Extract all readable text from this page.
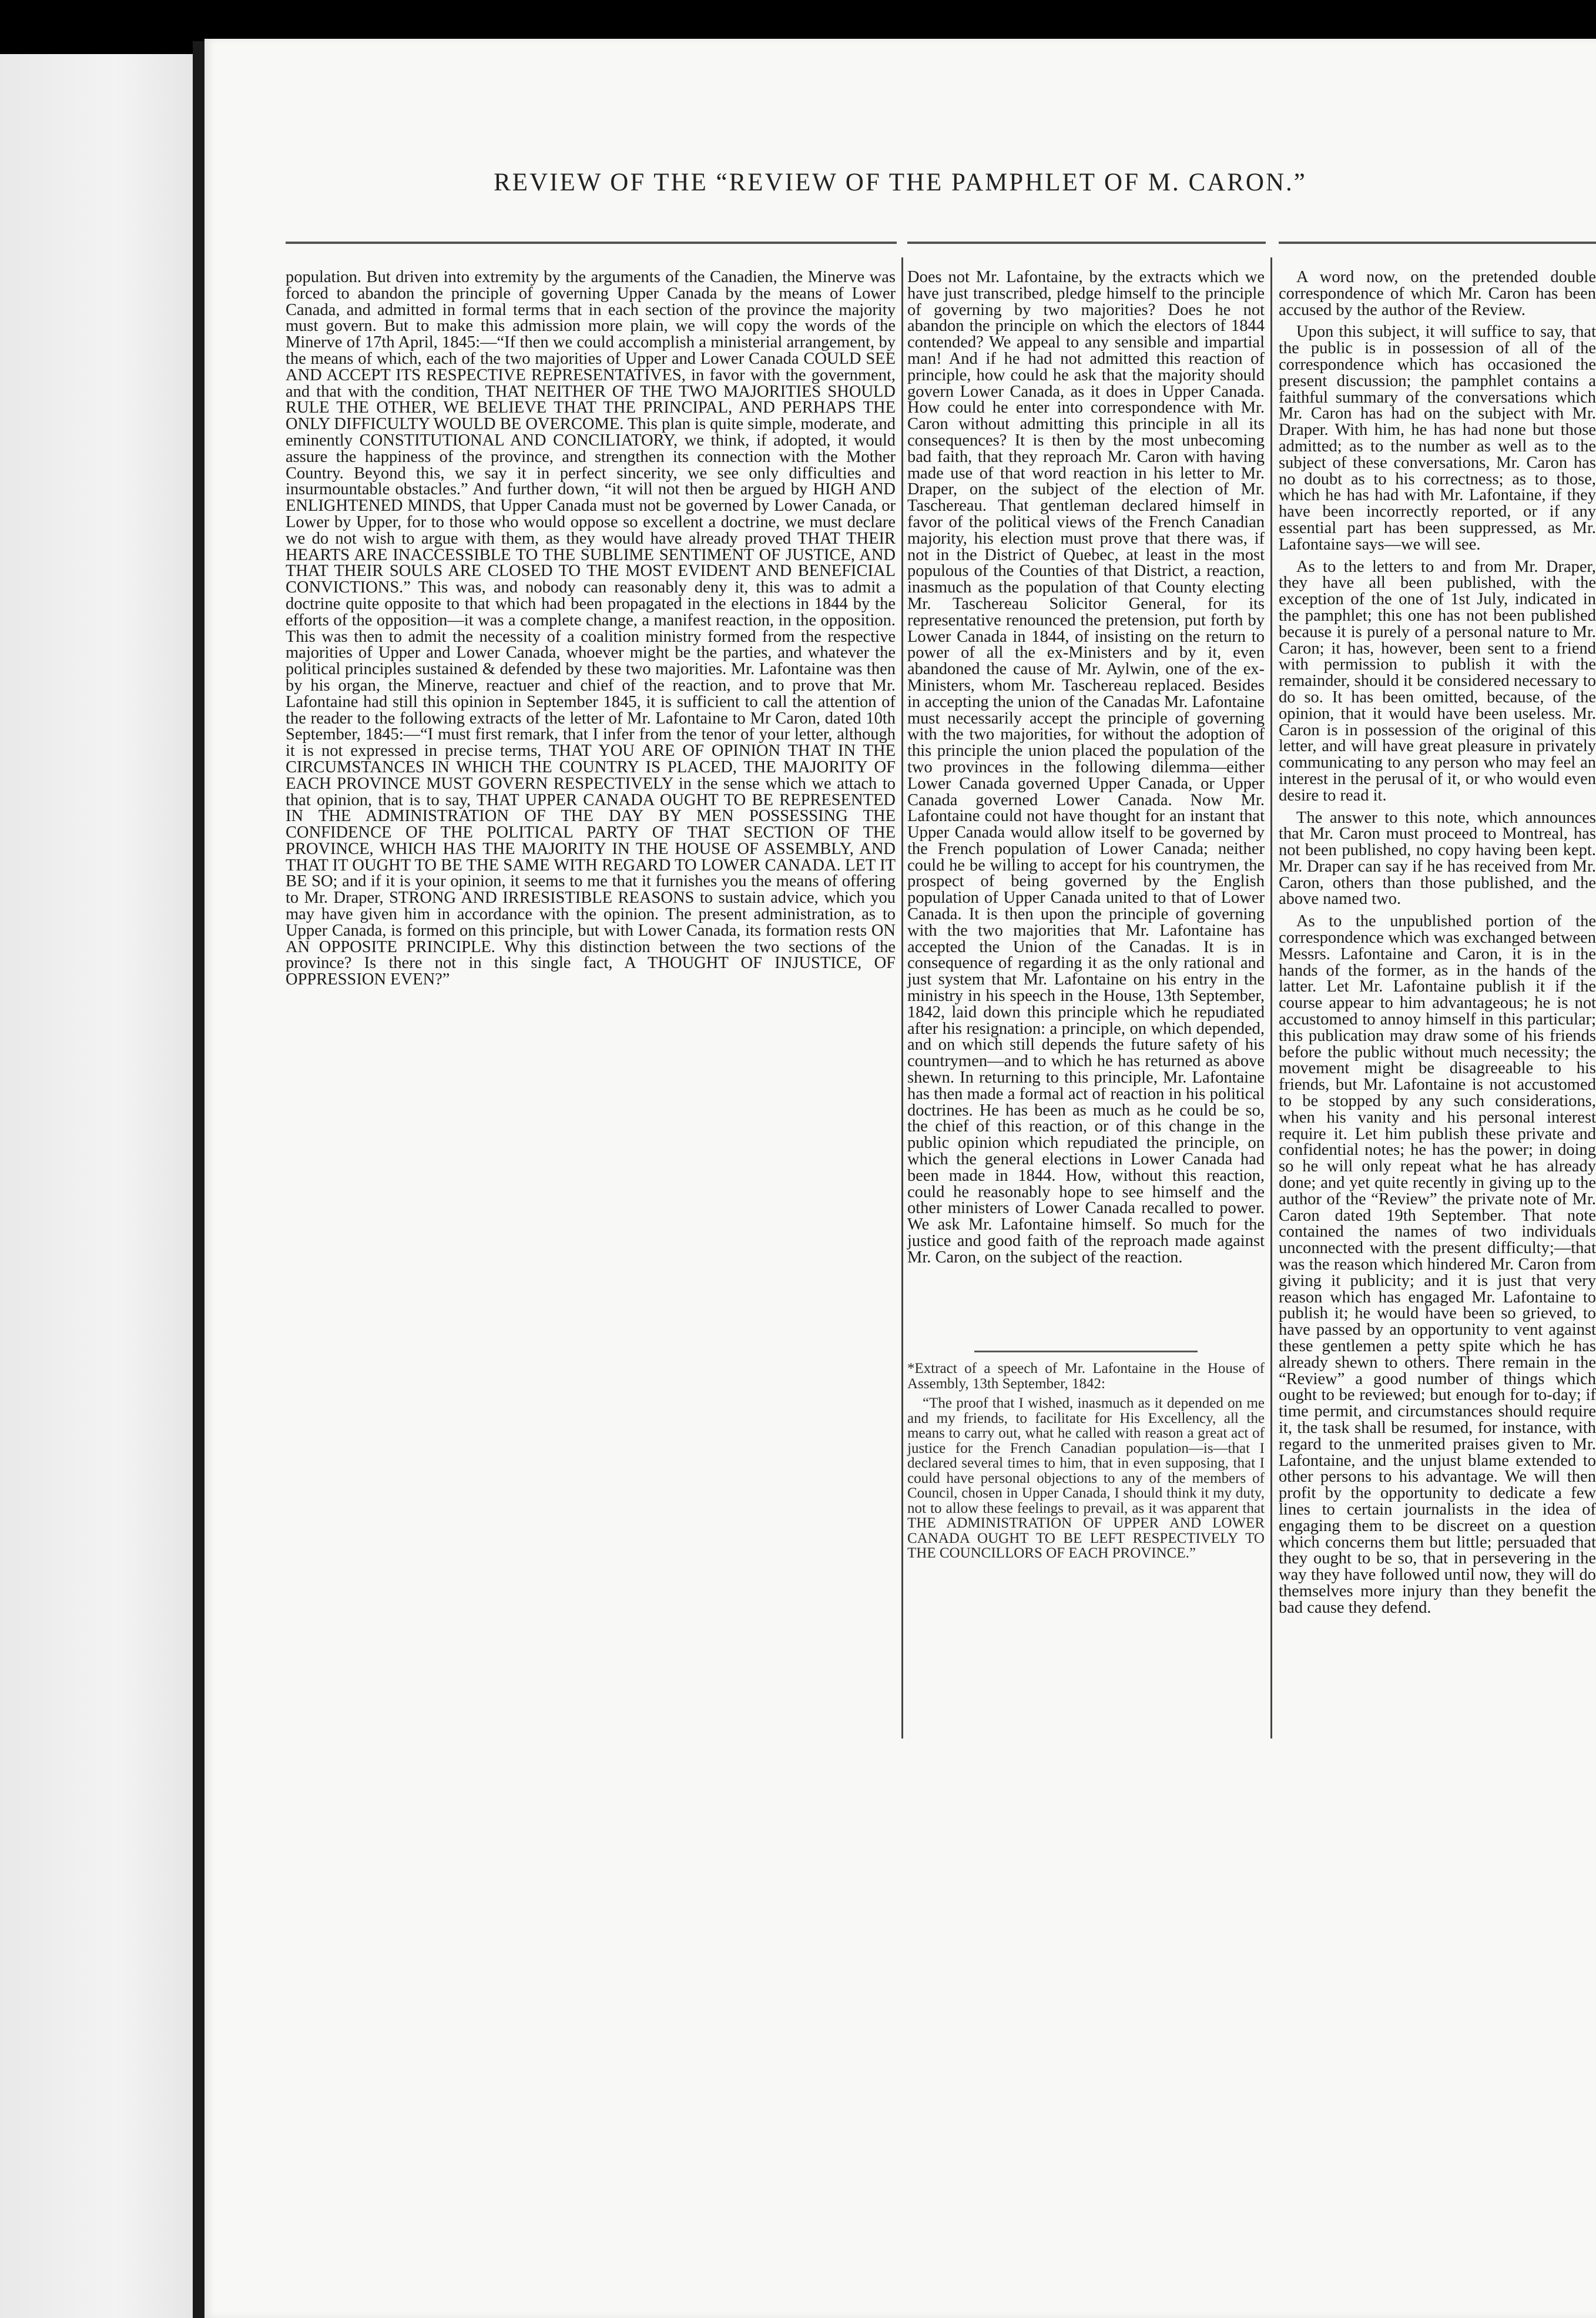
REVIEW OF THE “REVIEW OF THE PAMPHLET OF M. CARON.”

population. But driven into extremity by the arguments of the Canadien, the Minerve was forced to abandon the principle of governing Upper Canada by the means of Lower Canada, and admitted in formal terms that in each section of the province the majority must govern. But to make this admission more plain, we will copy the words of the Minerve of 17th April, 1845:—“If then we could accomplish a ministerial arrangement, by the means of which, each of the two majorities of Upper and Lower Canada COULD SEE AND ACCEPT ITS RESPECTIVE REPRESENTATIVES, in favor with the government, and that with the condition, THAT NEITHER OF THE TWO MAJORITIES SHOULD RULE THE OTHER, WE BELIEVE THAT THE PRINCIPAL, AND PERHAPS THE ONLY DIFFICULTY WOULD BE OVERCOME. This plan is quite simple, moderate, and eminently CONSTITUTIONAL AND CONCILIATORY, we think, if adopted, it would assure the happiness of the province, and strengthen its connection with the Mother Country. Beyond this, we say it in perfect sincerity, we see only difficulties and insurmountable obstacles.” And further down, “it will not then be argued by HIGH AND ENLIGHTENED MINDS, that Upper Canada must not be governed by Lower Canada, or Lower by Upper, for to those who would oppose so excellent a doctrine, we must declare we do not wish to argue with them, as they would have already proved THAT THEIR HEARTS ARE INACCESSIBLE TO THE SUBLIME SENTIMENT OF JUSTICE, AND THAT THEIR SOULS ARE CLOSED TO THE MOST EVIDENT AND BENEFICIAL CONVICTIONS.” This was, and nobody can reasonably deny it, this was to admit a doctrine quite opposite to that which had been propagated in the elections in 1844 by the efforts of the opposition—it was a complete change, a manifest reaction, in the opposition. This was then to admit the necessity of a coalition ministry formed from the respective majorities of Upper and Lower Canada, whoever might be the parties, and whatever the political principles sustained & defended by these two majorities. Mr. Lafontaine was then by his organ, the Minerve, reactuer and chief of the reaction, and to prove that Mr. Lafontaine had still this opinion in September 1845, it is sufficient to call the attention of the reader to the following extracts of the letter of Mr. Lafontaine to Mr Caron, dated 10th September, 1845:—“I must first remark, that I infer from the tenor of your letter, although it is not expressed in precise terms, THAT YOU ARE OF OPINION THAT IN THE CIRCUMSTANCES IN WHICH THE COUNTRY IS PLACED, THE MAJORITY OF EACH PROVINCE MUST GOVERN RESPECTIVELY in the sense which we attach to that opinion, that is to say, THAT UPPER CANADA OUGHT TO BE REPRESENTED IN THE ADMINISTRATION OF THE DAY BY MEN POSSESSING THE CONFIDENCE OF THE POLITICAL PARTY OF THAT SECTION OF THE PROVINCE, WHICH HAS THE MAJORITY IN THE HOUSE OF ASSEMBLY, AND THAT IT OUGHT TO BE THE SAME WITH REGARD TO LOWER CANADA. LET IT BE SO; and if it is your opinion, it seems to me that it furnishes you the means of offering to Mr. Draper, STRONG AND IRRESISTIBLE REASONS to sustain advice, which you may have given him in accordance with the opinion. The present administration, as to Upper Canada, is formed on this principle, but with Lower Canada, its formation rests ON AN OPPOSITE PRINCIPLE. Why this distinction between the two sections of the province? Is there not in this single fact, A THOUGHT OF INJUSTICE, OF OPPRESSION EVEN?”

Does not Mr. Lafontaine, by the extracts which we have just transcribed, pledge himself to the principle of governing by two majorities? Does he not abandon the principle on which the electors of 1844 contended? We appeal to any sensible and impartial man! And if he had not admitted this reaction of principle, how could he ask that the majority should govern Lower Canada, as it does in Upper Canada. How could he enter into correspondence with Mr. Caron without admitting this principle in all its consequences? It is then by the most unbecoming bad faith, that they reproach Mr. Caron with having made use of that word reaction in his letter to Mr. Draper, on the subject of the election of Mr. Taschereau. That gentleman declared himself in favor of the political views of the French Canadian majority, his election must prove that there was, if not in the District of Quebec, at least in the most populous of the Counties of that District, a reaction, inasmuch as the population of that County electing Mr. Taschereau Solicitor General, for its representative renounced the pretension, put forth by Lower Canada in 1844, of insisting on the return to power of all the ex-Ministers and by it, even abandoned the cause of Mr. Aylwin, one of the ex-Ministers, whom Mr. Taschereau replaced. Besides in accepting the union of the Canadas Mr. Lafontaine must necessarily accept the principle of governing with the two majorities, for without the adoption of this principle the union placed the population of the two provinces in the following dilemma—either Lower Canada governed Upper Canada, or Upper Canada governed Lower Canada. Now Mr. Lafontaine could not have thought for an instant that Upper Canada would allow itself to be governed by the French population of Lower Canada; neither could he be willing to accept for his countrymen, the prospect of being governed by the English population of Upper Canada united to that of Lower Canada. It is then upon the principle of governing with the two majorities that Mr. Lafontaine has accepted the Union of the Canadas. It is in consequence of regarding it as the only rational and just system that Mr. Lafontaine on his entry in the ministry in his speech in the House, 13th September, 1842, laid down this principle which he repudiated after his resignation: a principle, on which depended, and on which still depends the future safety of his countrymen—and to which he has returned as above shewn. In returning to this principle, Mr. Lafontaine has then made a formal act of reaction in his political doctrines. He has been as much as he could be so, the chief of this reaction, or of this change in the public opinion which repudiated the principle, on which the general elections in Lower Canada had been made in 1844. How, without this reaction, could he reasonably hope to see himself and the other ministers of Lower Canada recalled to power. We ask Mr. Lafontaine himself. So much for the justice and good faith of the reproach made against Mr. Caron, on the subject of the reaction.

*Extract of a speech of Mr. Lafontaine in the House of Assembly, 13th September, 1842:

“The proof that I wished, inasmuch as it depended on me and my friends, to facilitate for His Excellency, all the means to carry out, what he called with reason a great act of justice for the French Canadian population—is—that I declared several times to him, that in even supposing, that I could have personal objections to any of the members of Council, chosen in Upper Canada, I should think it my duty, not to allow these feelings to prevail, as it was apparent that THE ADMINISTRATION OF UPPER AND LOWER CANADA OUGHT TO BE LEFT RESPECTIVELY TO THE COUNCILLORS OF EACH PROVINCE.”

A word now, on the pretended double correspondence of which Mr. Caron has been accused by the author of the Review.

Upon this subject, it will suffice to say, that the public is in possession of all of the correspondence which has occasioned the present discussion; the pamphlet contains a faithful summary of the conversations which Mr. Caron has had on the subject with Mr. Draper. With him, he has had none but those admitted; as to the number as well as to the subject of these conversations, Mr. Caron has no doubt as to his correctness; as to those, which he has had with Mr. Lafontaine, if they have been incorrectly reported, or if any essential part has been suppressed, as Mr. Lafontaine says—we will see.

As to the letters to and from Mr. Draper, they have all been published, with the exception of the one of 1st July, indicated in the pamphlet; this one has not been published because it is purely of a personal nature to Mr. Caron; it has, however, been sent to a friend with permission to publish it with the remainder, should it be considered necessary to do so. It has been omitted, because, of the opinion, that it would have been useless. Mr. Caron is in possession of the original of this letter, and will have great pleasure in privately communicating to any person who may feel an interest in the perusal of it, or who would even desire to read it.

The answer to this note, which announces that Mr. Caron must proceed to Montreal, has not been published, no copy having been kept. Mr. Draper can say if he has received from Mr. Caron, others than those published, and the above named two.

As to the unpublished portion of the correspondence which was exchanged between Messrs. Lafontaine and Caron, it is in the hands of the former, as in the hands of the latter. Let Mr. Lafontaine publish it if the course appear to him advantageous; he is not accustomed to annoy himself in this particular; this publication may draw some of his friends before the public without much necessity; the movement might be disagreeable to his friends, but Mr. Lafontaine is not accustomed to be stopped by any such considerations, when his vanity and his personal interest require it. Let him publish these private and confidential notes; he has the power; in doing so he will only repeat what he has already done; and yet quite recently in giving up to the author of the “Review” the private note of Mr. Caron dated 19th September. That note contained the names of two individuals unconnected with the present difficulty;—that was the reason which hindered Mr. Caron from giving it publicity; and it is just that very reason which has engaged Mr. Lafontaine to publish it; he would have been so grieved, to have passed by an opportunity to vent against these gentlemen a petty spite which he has already shewn to others. There remain in the “Review” a good number of things which ought to be reviewed; but enough for to-day; if time permit, and circumstances should require it, the task shall be resumed, for instance, with regard to the unmerited praises given to Mr. Lafontaine, and the unjust blame extended to other persons to his advantage. We will then profit by the opportunity to dedicate a few lines to certain journalists in the idea of engaging them to be discreet on a question which concerns them but little; persuaded that they ought to be so, that in persevering in the way they have followed until now, they will do themselves more injury than they benefit the bad cause they defend.
